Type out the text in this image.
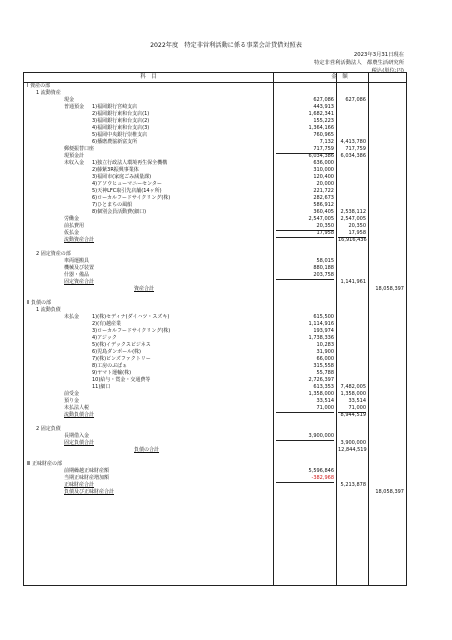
2022年度　特定非営利活動に係る事業会計貸借対照表
2023年3月31日現在
特定非営利活動法人　都農生活研究所
税込(単位:円)
科　目	金　額
Ⅰ 資産の部
1 流動資産
現金	627,086	627,086
普通預金 1)福岡銀行宮崎支店	443,913
2)福岡銀行東和台支店(1)	1,682,341
3)福岡銀行東和台支店(2)	155,223
4)福岡銀行東和台支店(3)	1,364,166
5)福岡中央銀行崇椎支店	760,965
6)播磨農協新富支所	7,132	4,413,780
郵便振替口座	717,759	717,759
現預金計	6,034,386	6,034,386
未収入金 1)独立行政法人環境再生保全機構	636,000
2)藤紫3R振興事業体	310,000
3)福岡市(家庭ごみ減量課)	120,400
4)アソウヒューマニーセンター	20,000
5)天神LFC取引先店舗(14ヶ所)	221,722
6)ローカルフードサイクリング(株)	282,673
7)ひとまちの風船	586,912
8)個別会員活動費(細口)	360,405	2,538,112
労働金	2,547,005	2,547,005
前払費用	20,350	20,350
仮払金	17,958	17,958
流動資産合計	16,916,436
2 固定資産の部
車両運搬具	58,015
機械及び装置	880,188
什器・備品	203,758
固定資産合計	1,141,961
資産合計	18,058,397
Ⅱ 負債の部
1 流動負債
未払金	1)(株)セディナ(ダイハツ・スズキ)	615,500
2)(有)越産業	1,114,916
3)ローカルフードサイクリング(株)	193,974
4)アジック	1,738,336
5)(株)イデックスビジネス	10,283
6)児島ダンボール(株)	31,900
7)(株)ピンズファクトリー	66,000
8)工房のぶぱぁ	315,558
9)ヤマト運輸(株)	55,788
10)給与・賞金・交通費等	2,726,397
11)細口	613,353	7,482,005
前受金	1,358,000	1,358,000
預り金	33,514	33,514
未払法人税	71,000	71,000
流動負債合計	8,944,519
2 固定負債
長期借入金	3,900,000
固定負債合計	3,900,000
負債の合計	12,844,519
Ⅲ 正味財産の部
前期繰越正味財産額	5,596,846
当期正味財産増加額	-382,968
正味財産合計	5,213,878
負債及び正味財産合計	18,058,397
